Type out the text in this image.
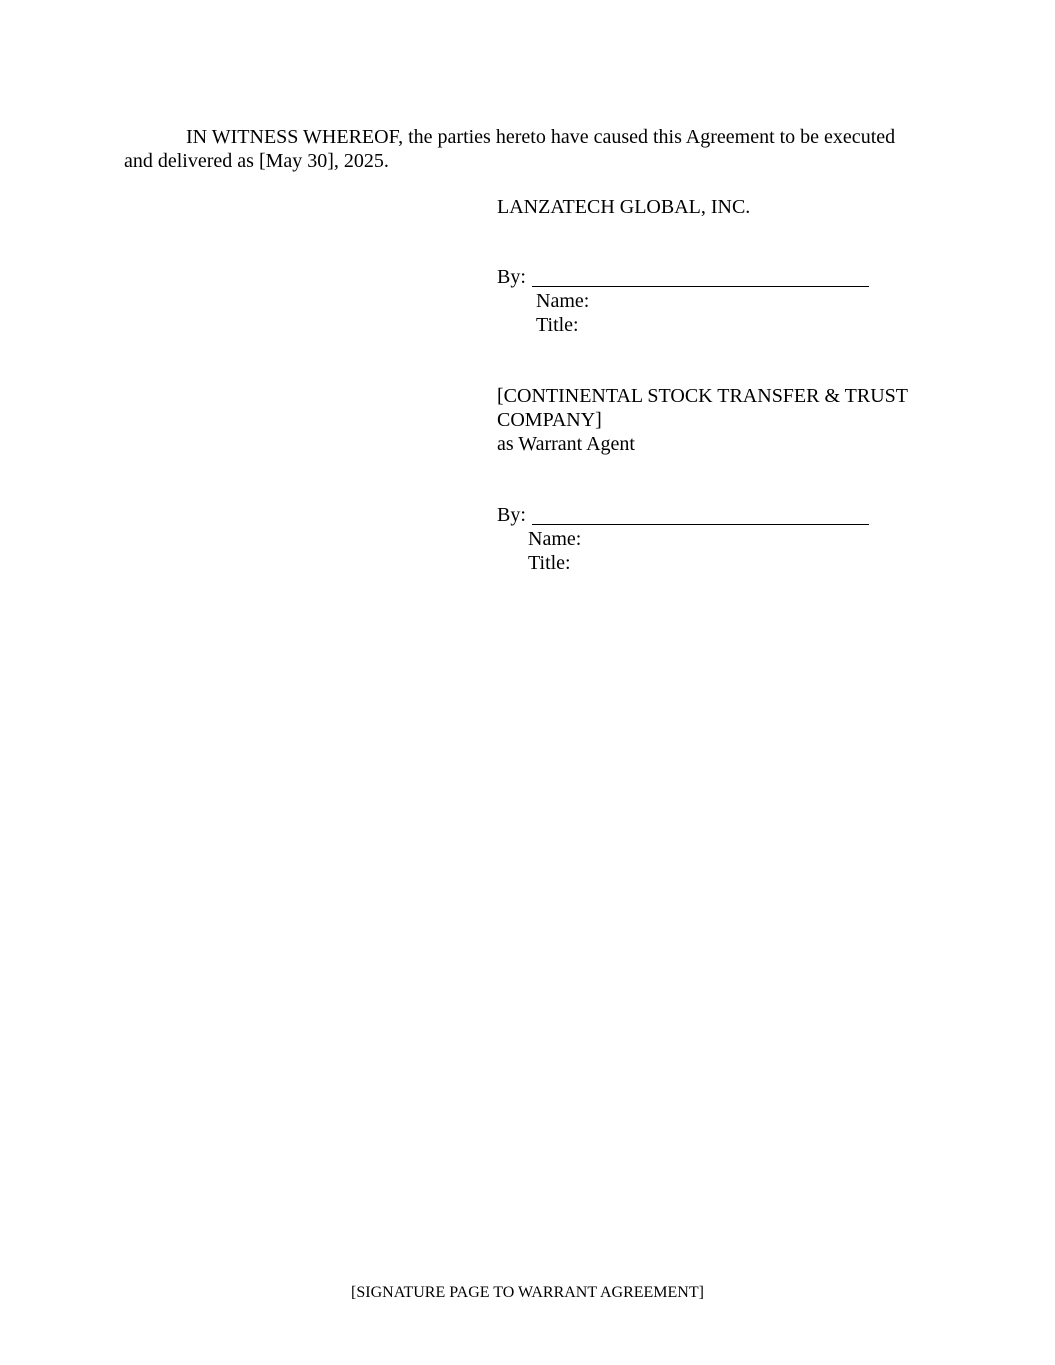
IN WITNESS WHEREOF, the parties hereto have caused this Agreement to be executed
and delivered as [May 30], 2025.
LANZATECH GLOBAL, INC.
By:
Name:
Title:
[CONTINENTAL STOCK TRANSFER & TRUST
COMPANY]
as Warrant Agent
By:
Name:
Title:
[SIGNATURE PAGE TO WARRANT AGREEMENT]
